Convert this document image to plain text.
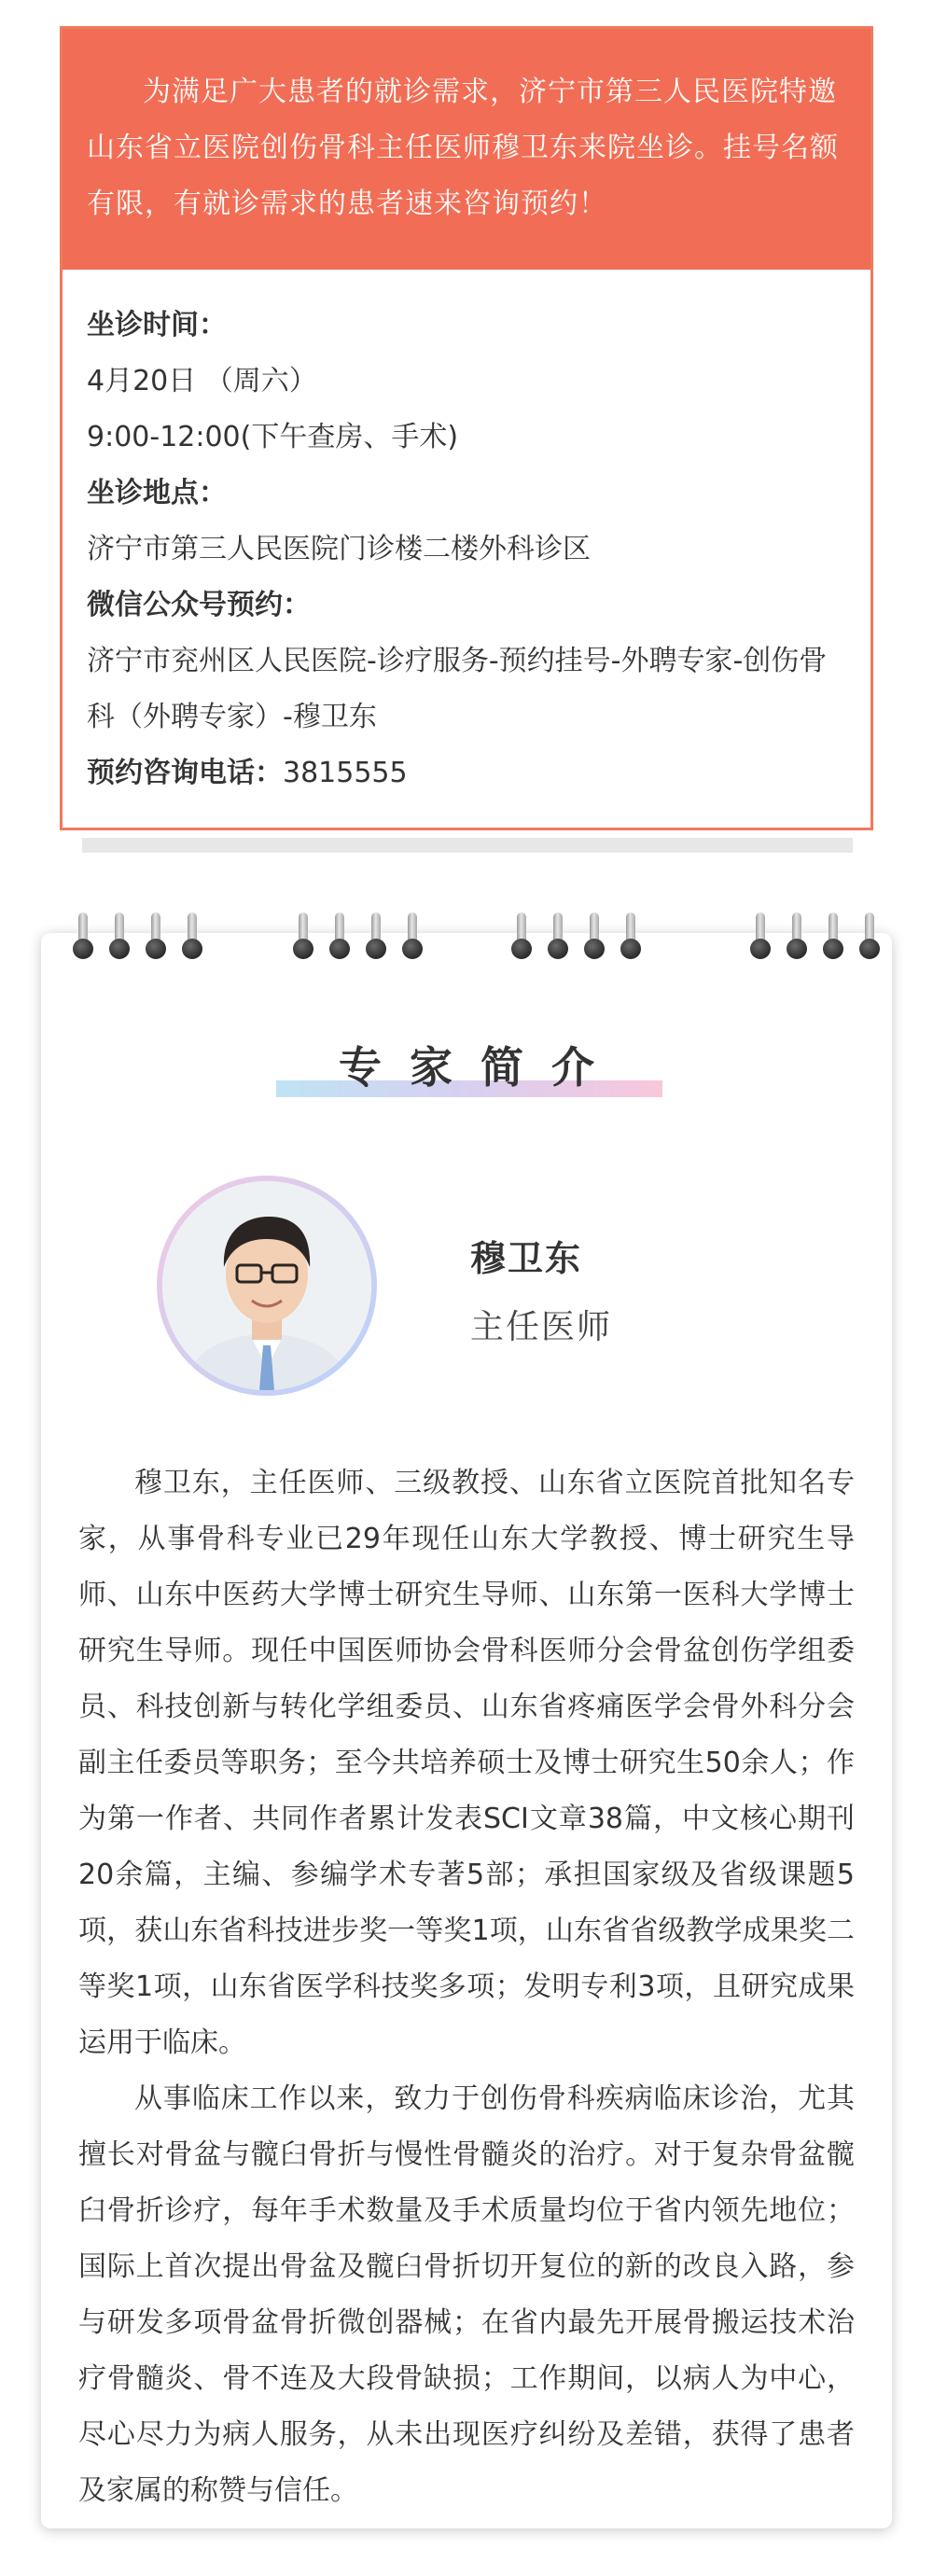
为满足广大患者的就诊需求，济宁市第三人民医院特邀山东省立医院创伤骨科主任医师穆卫东来院坐诊。挂号名额有限，有就诊需求的患者速来咨询预约！

坐诊时间：

4月20日 （周六）

9:00-12:00(下午查房、手术)

坐诊地点：

济宁市第三人民医院门诊楼二楼外科诊区

微信公众号预约：

济宁市兖州区人民医院-诊疗服务-预约挂号-外聘专家-创伤骨科（外聘专家）-穆卫东

预约咨询电话：3815555

专家简介
穆卫东
主任医师

穆卫东，主任医师、三级教授、山东省立医院首批知名专家，从事骨科专业已29年现任山东大学教授、博士研究生导师、山东中医药大学博士研究生导师、山东第一医科大学博士研究生导师。现任中国医师协会骨科医师分会骨盆创伤学组委员、科技创新与转化学组委员、山东省疼痛医学会骨外科分会副主任委员等职务；至今共培养硕士及博士研究生50余人；作为第一作者、共同作者累计发表SCI文章38篇，中文核心期刊20余篇，主编、参编学术专著5部；承担国家级及省级课题5项，获山东省科技进步奖一等奖1项，山东省省级教学成果奖二等奖1项，山东省医学科技奖多项；发明专利3项，且研究成果运用于临床。

从事临床工作以来，致力于创伤骨科疾病临床诊治，尤其擅长对骨盆与髋臼骨折与慢性骨髓炎的治疗。对于复杂骨盆髋臼骨折诊疗，每年手术数量及手术质量均位于省内领先地位；国际上首次提出骨盆及髋臼骨折切开复位的新的改良入路，参与研发多项骨盆骨折微创器械；在省内最先开展骨搬运技术治疗骨髓炎、骨不连及大段骨缺损；工作期间，以病人为中心，尽心尽力为病人服务，从未出现医疗纠纷及差错，获得了患者及家属的称赞与信任。
